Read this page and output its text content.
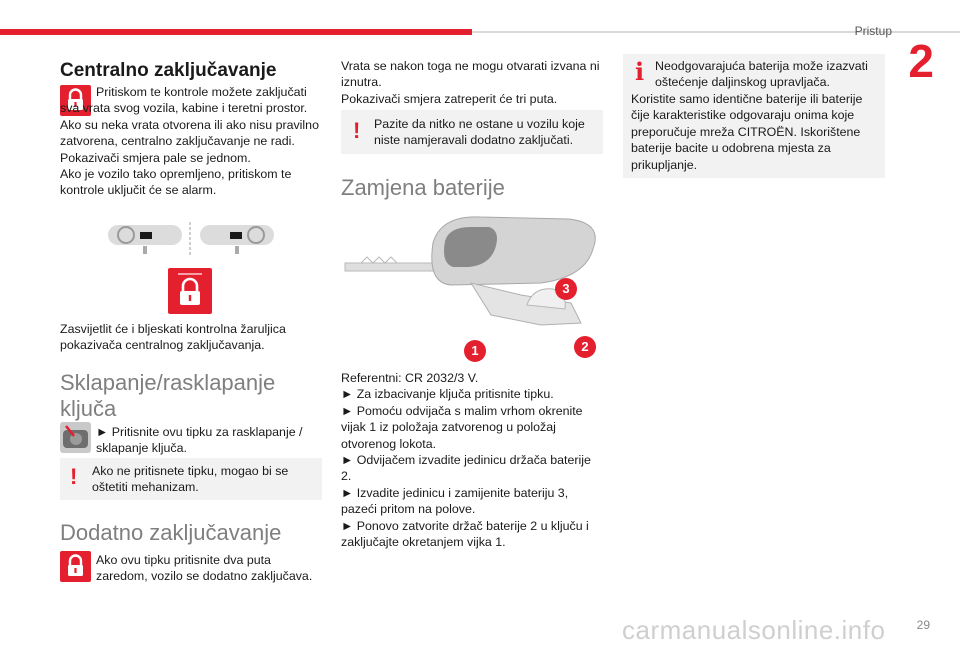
Pristup
2
Centralno zaključavanje

Pritiskom te kontrole možete zaključati sva vrata svog vozila, kabine i teretni prostor.

Ako su neka vrata otvorena ili ako nisu pravilno zatvorena, centralno zaključavanje ne radi.

Pokazivači smjera pale se jednom.

Ako je vozilo tako opremljeno, pritiskom te kontrole uključit će se alarm.

Zasvijetlit će i bljeskati kontrolna žaruljica pokazivača centralnog zaključavanja.
Sklapanje/rasklapanje ključa
► Pritisnite ovu tipku za rasklapanje / sklapanje ključa.
! Ako ne pritisnete tipku, mogao bi se oštetiti mehanizam.
Dodatno zaključavanje
Ako ovu tipku pritisnite dva puta zaredom, vozilo se dodatno zaključava.

Vrata se nakon toga ne mogu otvarati izvana ni iznutra.

Pokazivači smjera zatreperit će tri puta.

! Pazite da nitko ne ostane u vozilu koje niste namjeravali dodatno zaključati.
Zamjena baterije
1	2
3

Referentni: CR 2032/3 V.

► Za izbacivanje ključa pritisnite tipku.

► Pomoću odvijača s malim vrhom okrenite vijak 1 iz položaja zatvorenog u položaj otvorenog lokota.

► Odvijačem izvadite jedinicu držača baterije 2.

► Izvadite jedinicu i zamijenite bateriju 3, pazeći pritom na polove.

► Ponovo zatvorite držač baterije 2 u ključu i zaključajte okretanjem vijka 1.

i Neodgovarajuća baterija može izazvati oštećenje daljinskog upravljača.
Koristite samo identične baterije ili baterije čije karakteristike odgovaraju onima koje preporučuje mreža CITROËN. Iskorištene baterije bacite u odobrena mjesta za prikupljanje.
29
carmanualsonline.info
